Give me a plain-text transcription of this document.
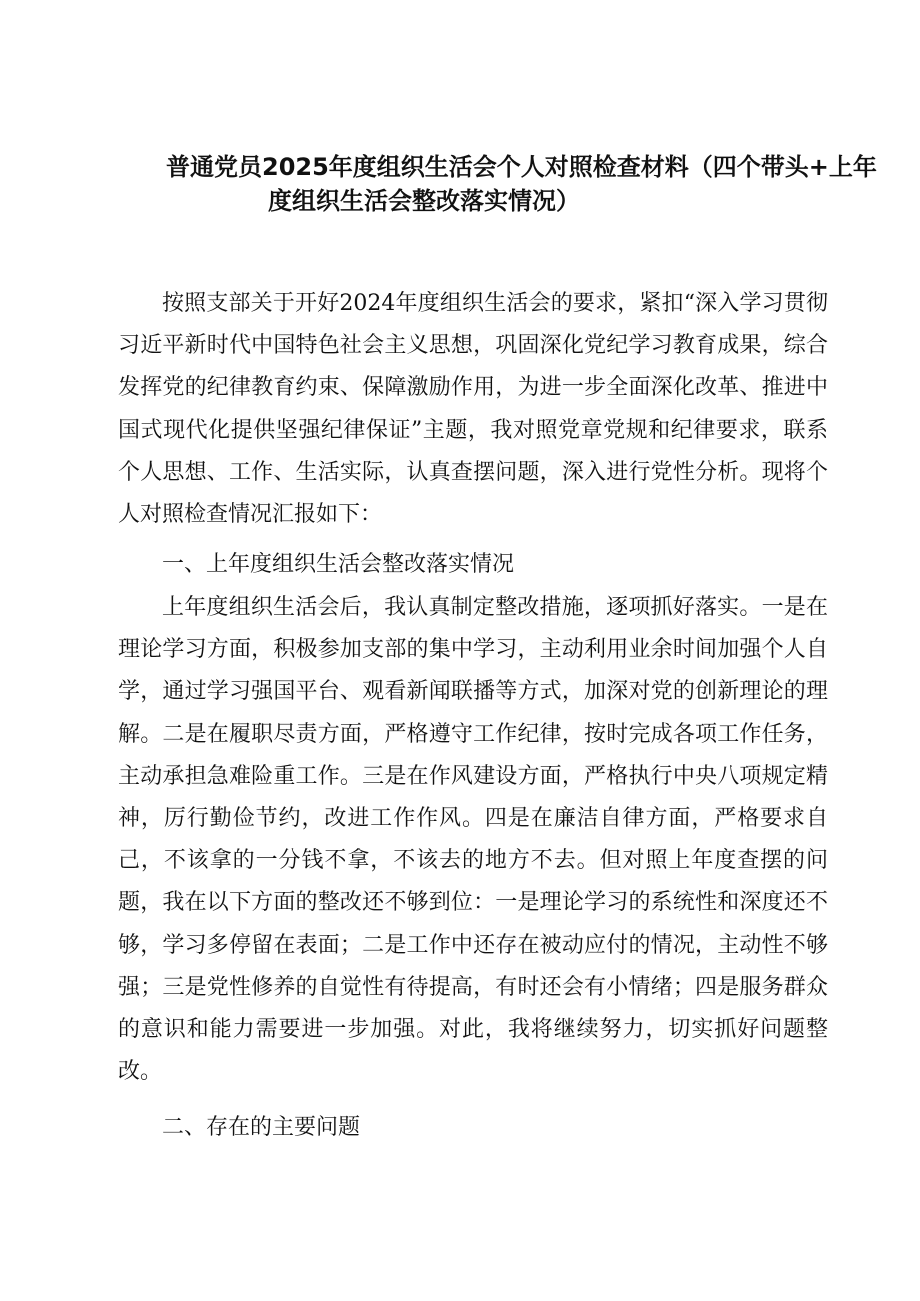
普通党员2025年度组织生活会个人对照检查材料（四个带头+上年
度组织生活会整改落实情况）

按照支部关于开好2024年度组织生活会的要求，紧扣“深入学习贯彻习近平新时代中国特色社会主义思想，巩固深化党纪学习教育成果，综合发挥党的纪律教育约束、保障激励作用，为进一步全面深化改革、推进中国式现代化提供坚强纪律保证”主题，我对照党章党规和纪律要求，联系个人思想、工作、生活实际，认真查摆问题，深入进行党性分析。现将个人对照检查情况汇报如下：

一、上年度组织生活会整改落实情况

上年度组织生活会后，我认真制定整改措施，逐项抓好落实。一是在理论学习方面，积极参加支部的集中学习，主动利用业余时间加强个人自学，通过学习强国平台、观看新闻联播等方式，加深对党的创新理论的理解。二是在履职尽责方面，严格遵守工作纪律，按时完成各项工作任务，主动承担急难险重工作。三是在作风建设方面，严格执行中央八项规定精神，厉行勤俭节约，改进工作作风。四是在廉洁自律方面，严格要求自己，不该拿的一分钱不拿，不该去的地方不去。但对照上年度查摆的问题，我在以下方面的整改还不够到位：一是理论学习的系统性和深度还不够，学习多停留在表面；二是工作中还存在被动应付的情况，主动性不够强；三是党性修养的自觉性有待提高，有时还会有小情绪；四是服务群众的意识和能力需要进一步加强。对此，我将继续努力，切实抓好问题整改。

二、存在的主要问题
